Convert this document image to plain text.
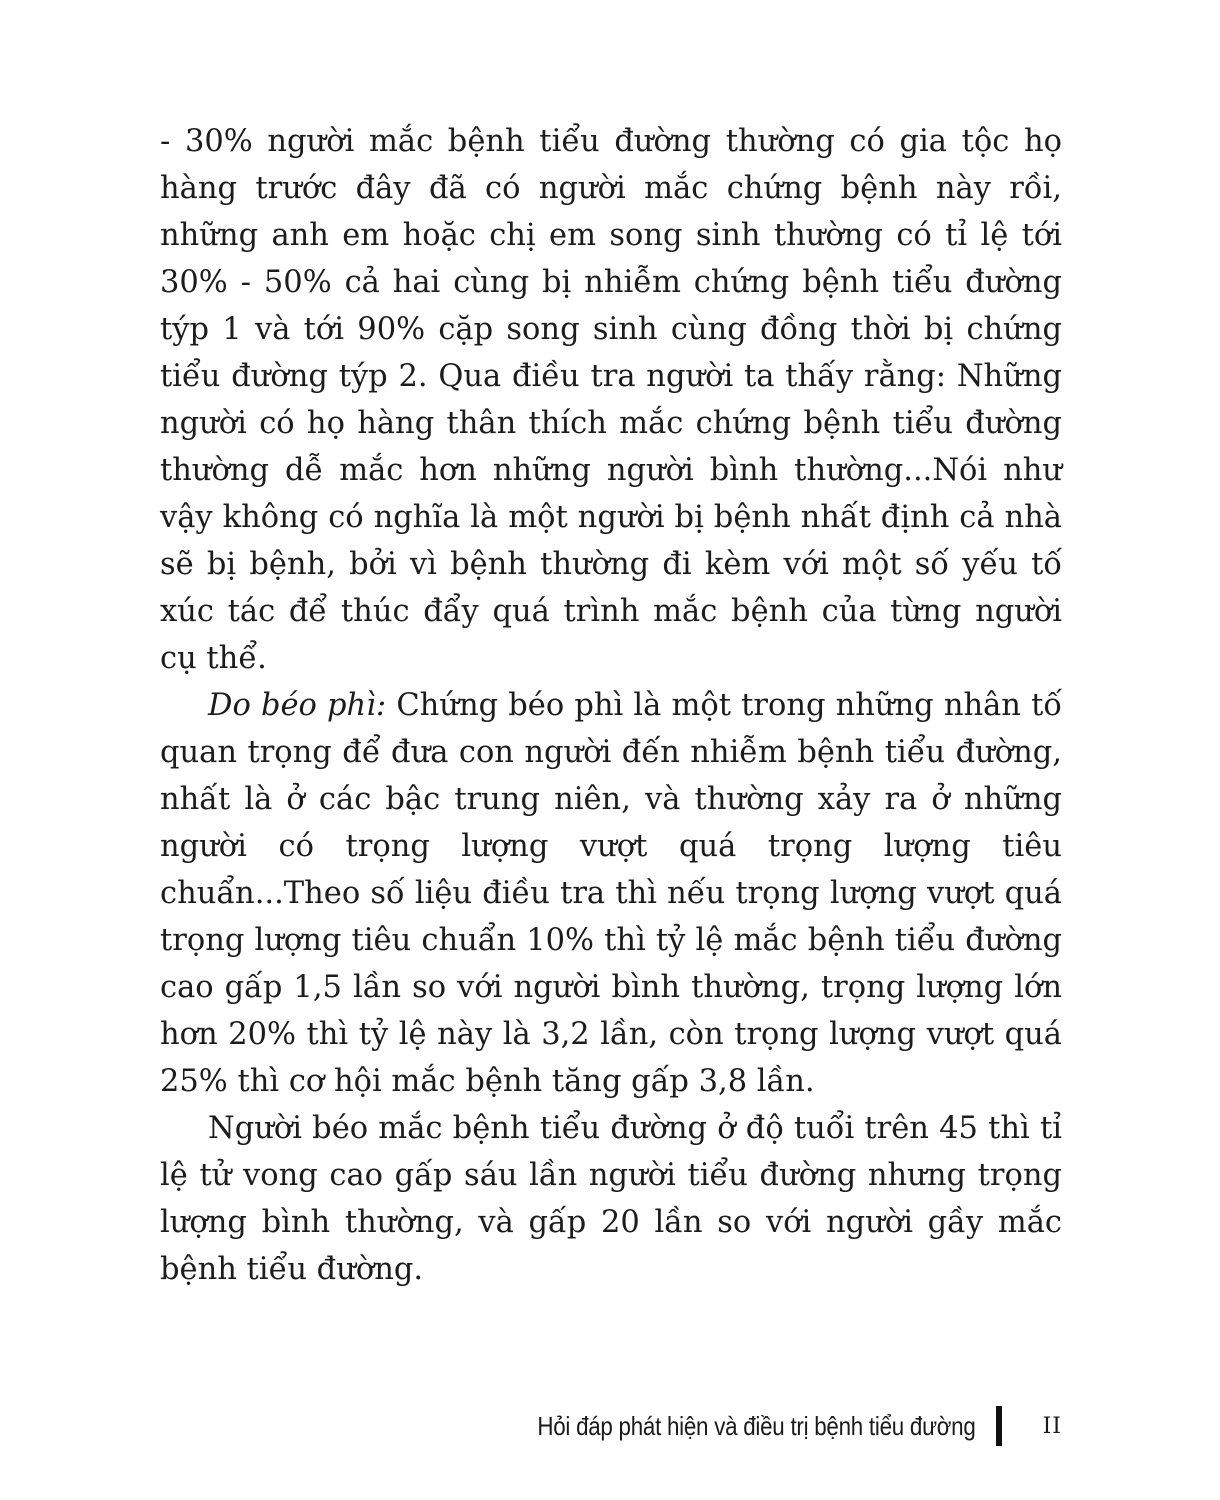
- 30% người mắc bệnh tiểu đường thường có gia tộc họ hàng trước đây đã có người mắc chứng bệnh này rồi, những anh em hoặc chị em song sinh thường có tỉ lệ tới 30% - 50% cả hai cùng bị nhiễm chứng bệnh tiểu đường týp 1 và tới 90% cặp song sinh cùng đồng thời bị chứng tiểu đường týp 2. Qua điều tra người ta thấy rằng: Những người có họ hàng thân thích mắc chứng bệnh tiểu đường thường dễ mắc hơn những người bình thường...Nói như vậy không có nghĩa là một người bị bệnh nhất định cả nhà sẽ bị bệnh, bởi vì bệnh thường đi kèm với một số yếu tố xúc tác để thúc đẩy quá trình mắc bệnh của từng người cụ thể.

Do béo phì: Chứng béo phì là một trong những nhân tố quan trọng để đưa con người đến nhiễm bệnh tiểu đường, nhất là ở các bậc trung niên, và thường xảy ra ở những người có trọng lượng vượt quá trọng lượng tiêu chuẩn...Theo số liệu điều tra thì nếu trọng lượng vượt quá trọng lượng tiêu chuẩn 10% thì tỷ lệ mắc bệnh tiểu đường cao gấp 1,5 lần so với người bình thường, trọng lượng lớn hơn 20% thì tỷ lệ này là 3,2 lần, còn trọng lượng vượt quá 25% thì cơ hội mắc bệnh tăng gấp 3,8 lần.

Người béo mắc bệnh tiểu đường ở độ tuổi trên 45 thì tỉ lệ tử vong cao gấp sáu lần người tiểu đường nhưng trọng lượng bình thường, và gấp 20 lần so với người gầy mắc bệnh tiểu đường.

Hỏi đáp phát hiện và điều trị bệnh tiểu đường	II
